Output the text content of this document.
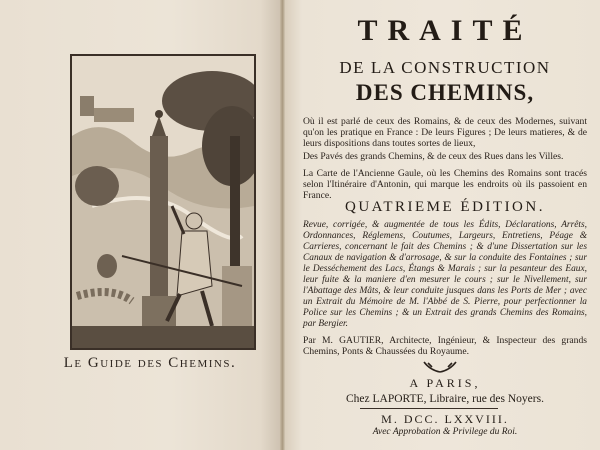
Le Guide des Chemins.
TRAITÉ
DE LA CONSTRUCTION
DES CHEMINS,
Où il est parlé de ceux des Romains, & de ceux des Modernes, suivant qu'on les pratique en France : De leurs Figures ; De leurs matieres, & de leurs dispositions dans toutes sortes de lieux,
Des Pavés des grands Chemins, & de ceux des Rues dans les Villes.
La Carte de l'Ancienne Gaule, où les Chemins des Romains sont tracés selon l'Itinéraire d'Antonin, qui marque les endroits où ils passoient en France.
QUATRIEME ÉDITION.
Revue, corrigée, & augmentée de tous les Édits, Déclarations, Arrêts, Ordonnances, Réglemens, Coutumes, Largeurs, Entretiens, Péage & Carrieres, concernant le fait des Chemins ; & d'une Dissertation sur les Canaux de navigation & d'arrosage, & sur la conduite des Fontaines ; sur le Desséchement des Lacs, Étangs & Marais ; sur la pesanteur des Eaux, leur fuite & la maniere d'en mesurer le cours ; sur le Nivellement, sur l'Abattage des Mâts, & leur conduite jusques dans les Ports de Mer ; avec un Extrait du Mémoire de M. l'Abbé de S. Pierre, pour perfectionner la Police sur les Chemins ; & un Extrait des grands Chemins des Romains, par Bergier.
Par M. GAUTIER, Architecte, Ingénieur, & Inspecteur des grands Chemins, Ponts & Chaussées du Royaume.
A PARIS,
Chez LAPORTE, Libraire, rue des Noyers.
M. DCC. LXXVIII.
Avec Approbation & Privilege du Roi.
